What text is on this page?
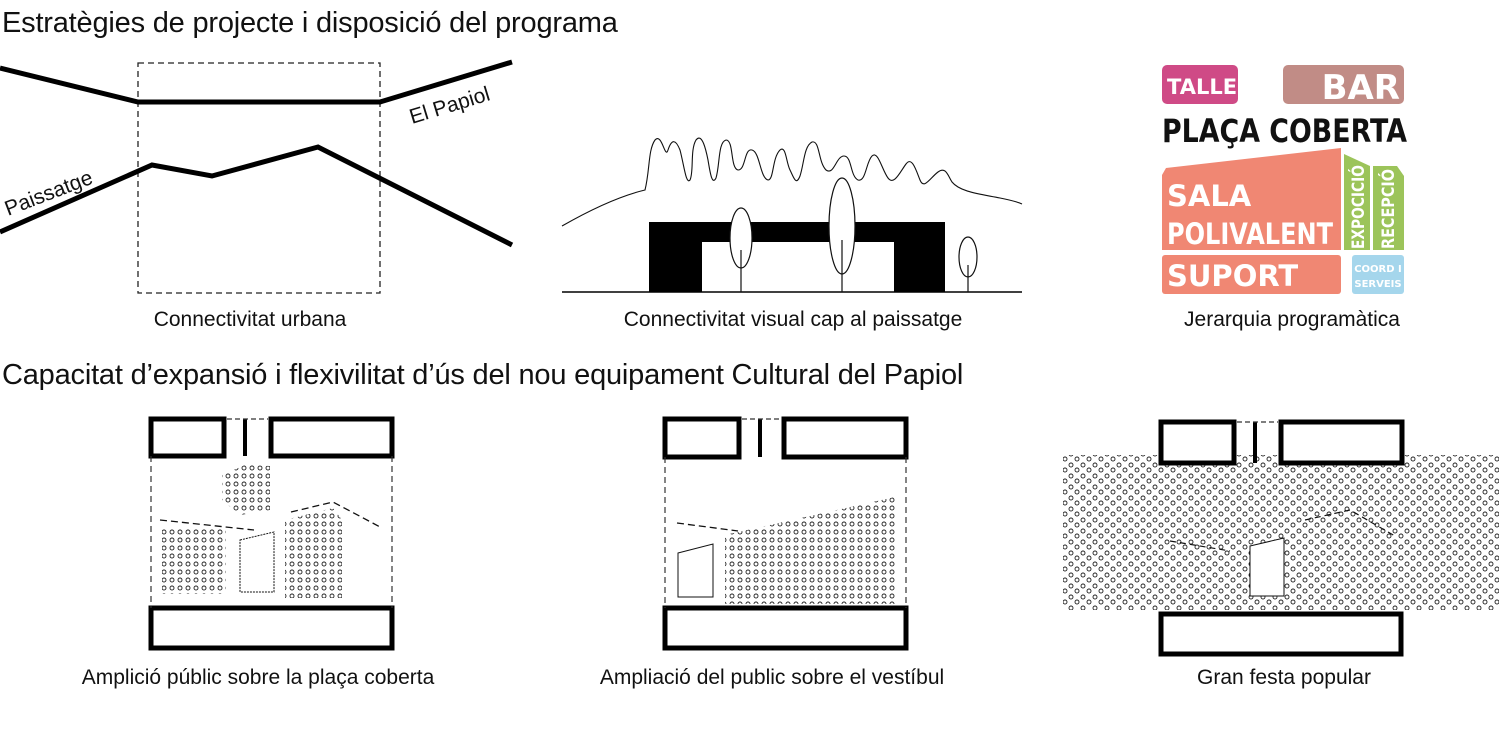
Estratègies de projecte i disposició del programa
Capacitat d’expansió i flexivilitat d’ús del nou equipament Cultural del Papiol
El Papiol
Paissatge
TALLER BAR
PLAÇA COBERTA
SALA
POLIVALENT
SUPORT
EXPOCICIÓ RECEPCIÓ
COORD I
SERVEIS
Connectivitat urbana	Connectivitat visual cap al paissatge	Jerarquia programàtica
Amplició públic sobre la plaça coberta	Ampliació del public sobre el vestíbul	Gran festa popular
